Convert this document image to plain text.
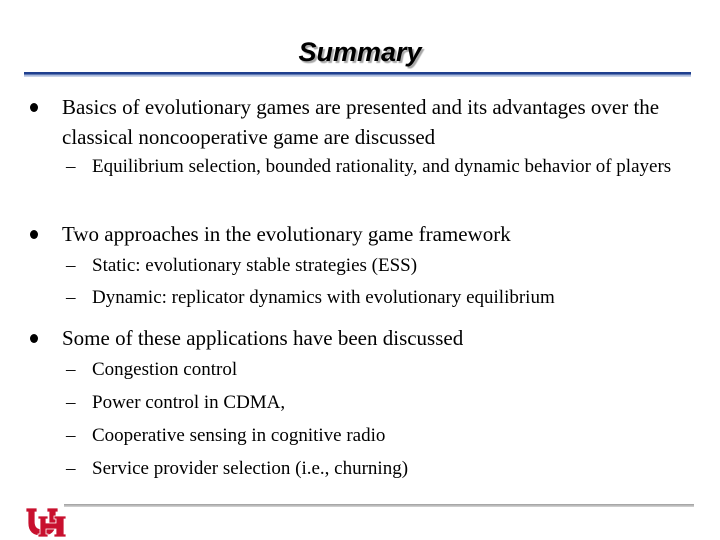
Summary
Basics of evolutionary games are presented and its advantages over the classical noncooperative game are discussed
– Equilibrium selection, bounded rationality, and dynamic behavior of players
Two approaches in the evolutionary game framework
– Static: evolutionary stable strategies (ESS)
– Dynamic: replicator dynamics with evolutionary equilibrium
Some of these applications have been discussed
– Congestion control
– Power control in CDMA,
– Cooperative sensing in cognitive radio
– Service provider selection (i.e., churning)
